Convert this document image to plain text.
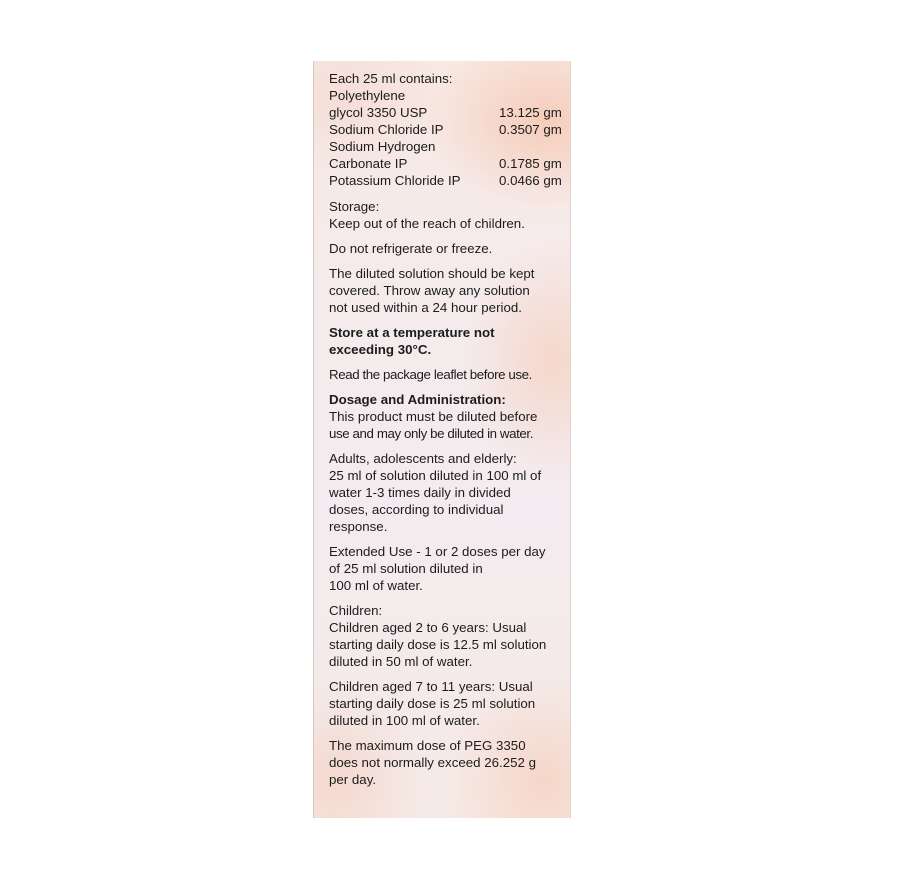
Each 25 ml contains:
Polyethylene
glycol 3350 USP	13.125 gm
Sodium Chloride IP	0.3507 gm
Sodium Hydrogen
Carbonate IP	0.1785 gm
Potassium Chloride IP	0.0466 gm
Storage:
Keep out of the reach of children.
Do not refrigerate or freeze.
The diluted solution should be kept
covered. Throw away any solution
not used within a 24 hour period.
Store at a temperature not
exceeding 30°C.
Read the package leaflet before use.
Dosage and Administration:
This product must be diluted before
use and may only be diluted in water.
Adults, adolescents and elderly:
25 ml of solution diluted in 100 ml of
water 1-3 times daily in divided
doses, according to individual
response.
Extended Use - 1 or 2 doses per day
of 25 ml solution diluted in
100 ml of water.
Children:
Children aged 2 to 6 years: Usual
starting daily dose is 12.5 ml solution
diluted in 50 ml of water.
Children aged 7 to 11 years: Usual
starting daily dose is 25 ml solution
diluted in 100 ml of water.
The maximum dose of PEG 3350
does not normally exceed 26.252 g
per day.
